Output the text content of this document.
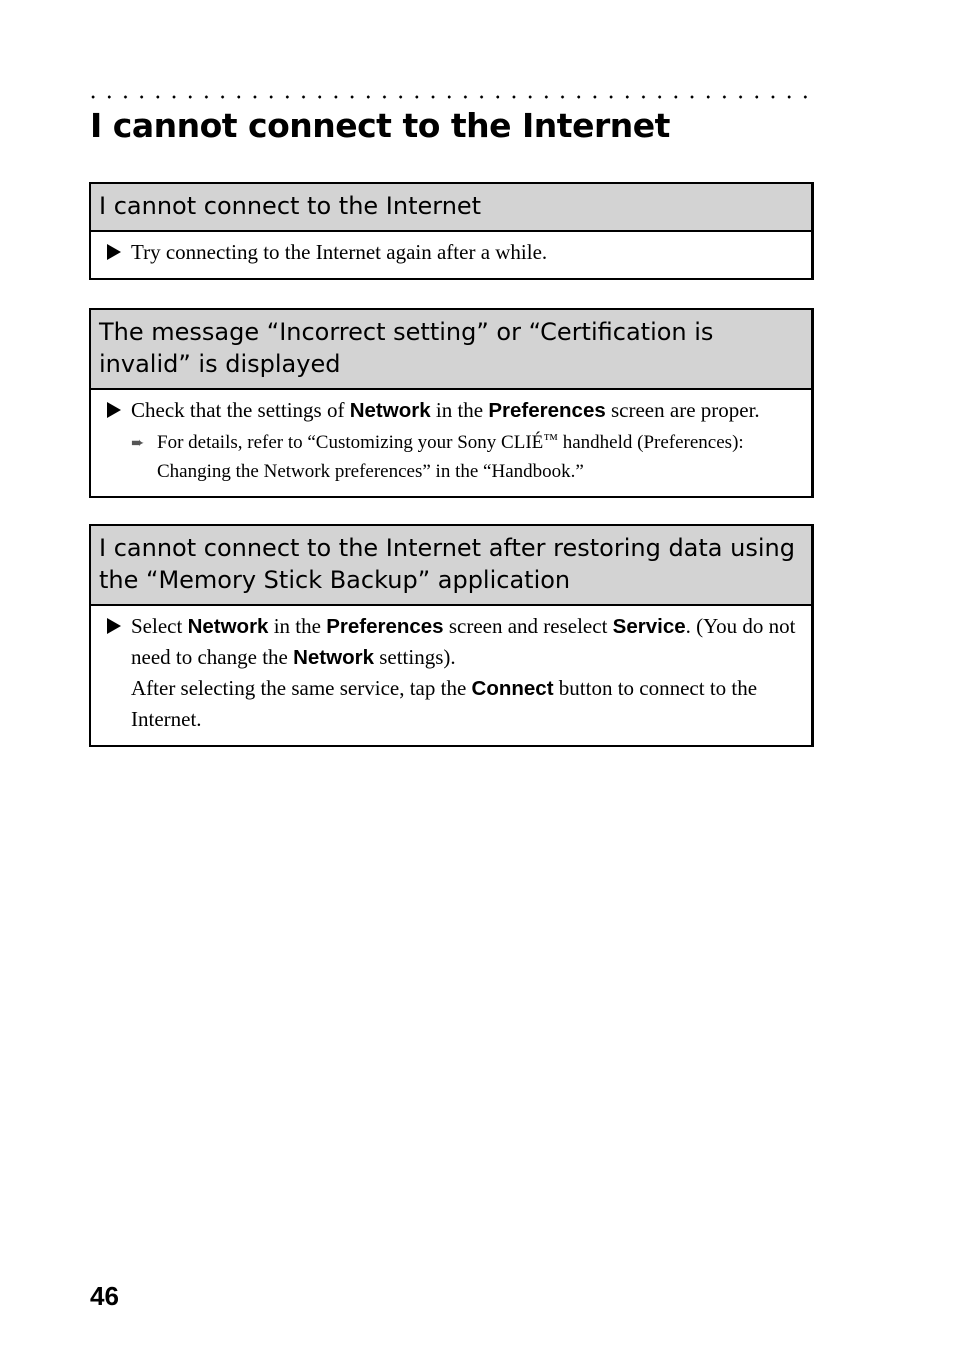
I cannot connect to the Internet
I cannot connect to the Internet
Try connecting to the Internet again after a while.
The message “Incorrect setting” or “Certification is invalid” is displayed
Check that the settings of Network in the Preferences screen are proper.
➨ For details, refer to “Customizing your Sony CLIÉ™ handheld (Preferences): Changing the Network preferences” in the “Handbook.”
I cannot connect to the Internet after restoring data using the “Memory Stick Backup” application
Select Network in the Preferences screen and reselect Service. (You do not need to change the Network settings).
After selecting the same service, tap the Connect button to connect to the Internet.
46
